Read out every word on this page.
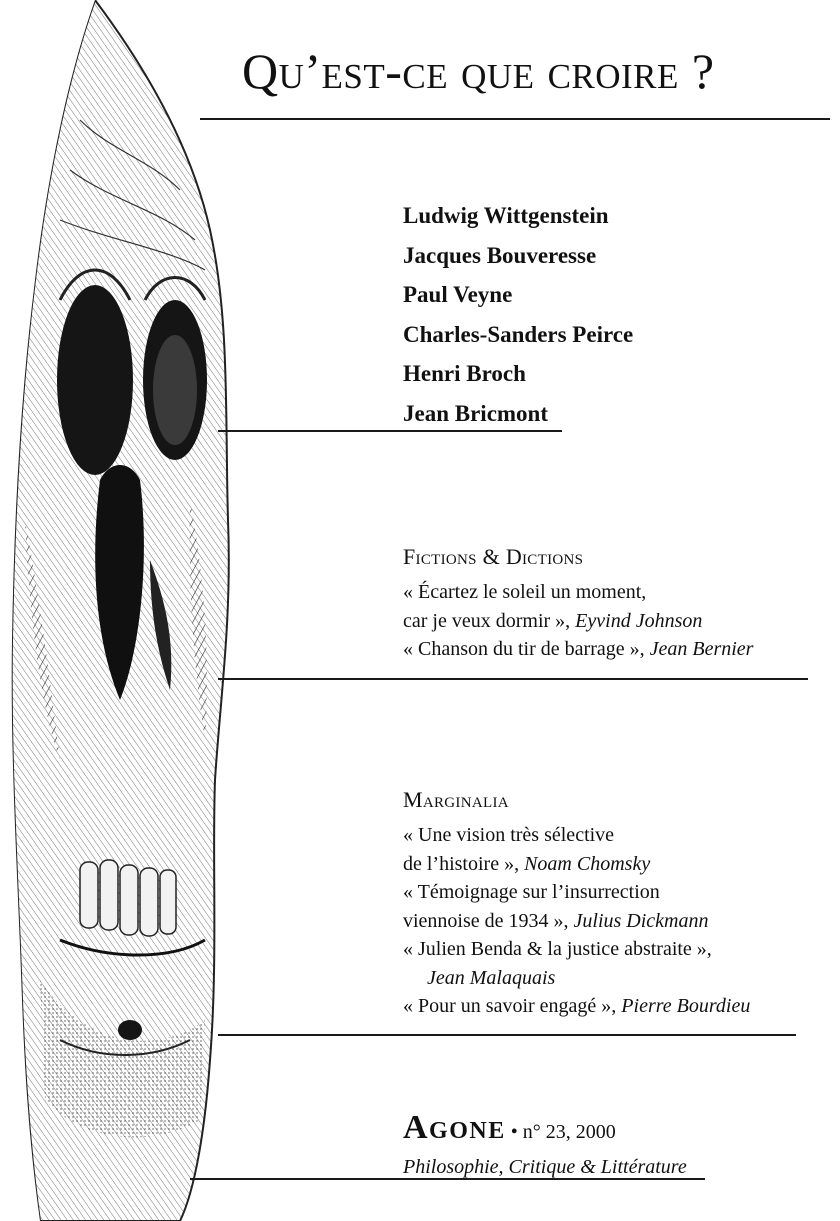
Qu’est-ce que croire ?
Ludwig Wittgenstein
Jacques Bouveresse
Paul Veyne
Charles-Sanders Peirce
Henri Broch
Jean Bricmont
Fictions & Dictions
« Écartez le soleil un moment,
car je veux dormir », Eyvind Johnson
« Chanson du tir de barrage », Jean Bernier
Marginalia
« Une vision très sélective
de l’histoire », Noam Chomsky
« Témoignage sur l’insurrection
viennoise de 1934 », Julius Dickmann
« Julien Benda & la justice abstraite »,
Jean Malaquais
« Pour un savoir engagé », Pierre Bourdieu
Agone • n° 23, 2000
Philosophie, Critique & Littérature
